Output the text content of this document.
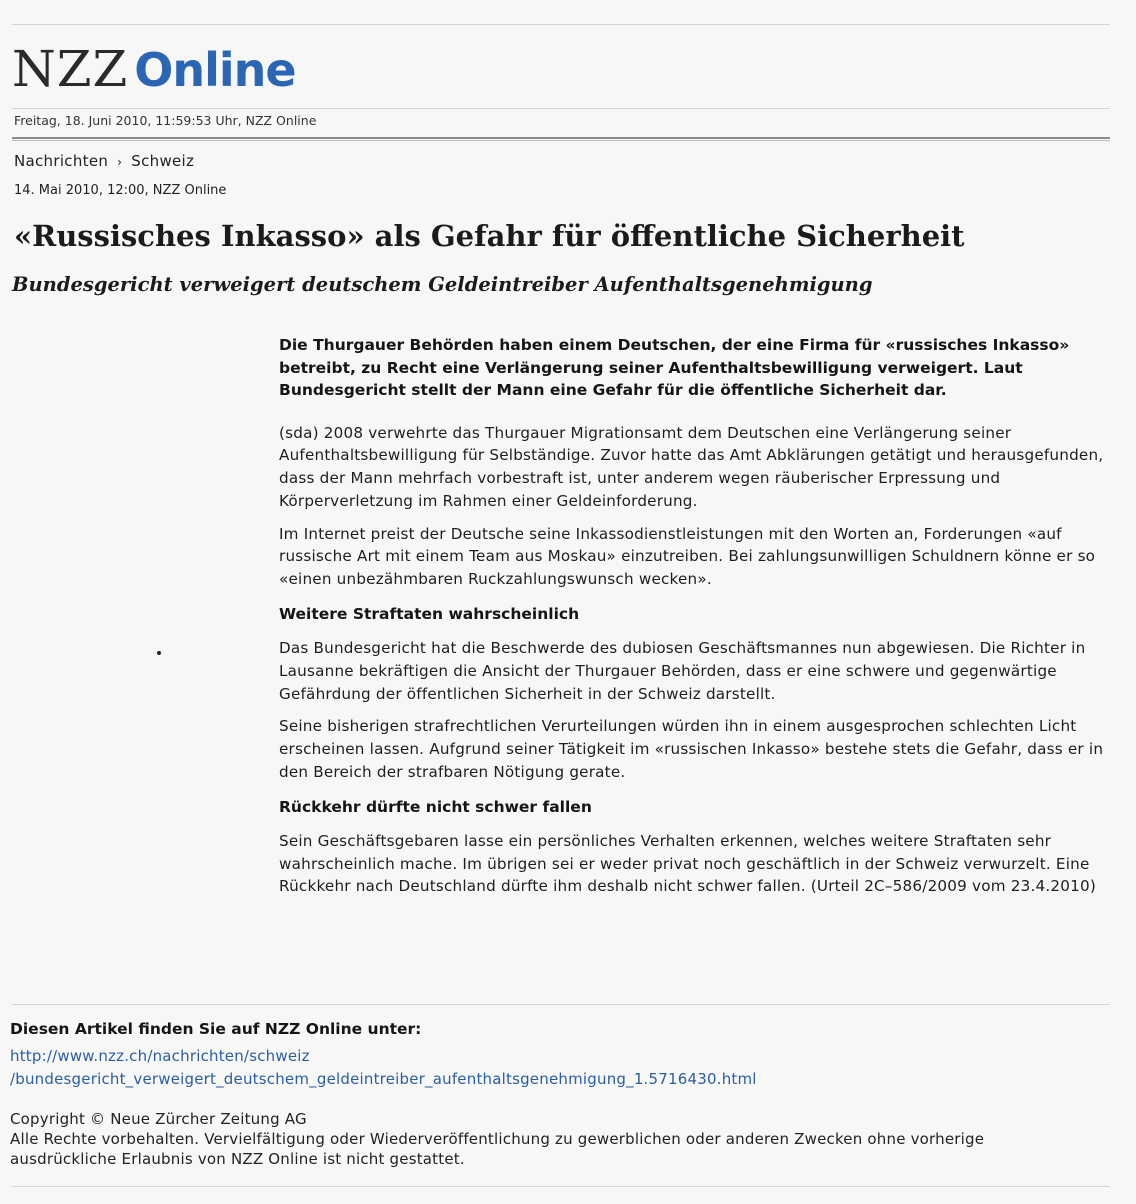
NZZ Online
Freitag, 18. Juni 2010, 11:59:53 Uhr, NZZ Online
Nachrichten › Schweiz
14. Mai 2010, 12:00, NZZ Online
«Russisches Inkasso» als Gefahr für öffentliche Sicherheit
Bundesgericht verweigert deutschem Geldeintreiber Aufenthaltsgenehmigung

Die Thurgauer Behörden haben einem Deutschen, der eine Firma für «russisches Inkasso» betreibt, zu Recht eine Verlängerung seiner Aufenthaltsbewilligung verweigert. Laut Bundesgericht stellt der Mann eine Gefahr für die öffentliche Sicherheit dar.

(sda) 2008 verwehrte das Thurgauer Migrationsamt dem Deutschen eine Verlängerung seiner Aufenthaltsbewilligung für Selbständige. Zuvor hatte das Amt Abklärungen getätigt und herausgefunden, dass der Mann mehrfach vorbestraft ist, unter anderem wegen räuberischer Erpressung und Körperverletzung im Rahmen einer Geldeinforderung.

Im Internet preist der Deutsche seine Inkassodienstleistungen mit den Worten an, Forderungen «auf russische Art mit einem Team aus Moskau» einzutreiben. Bei zahlungsunwilligen Schuldnern könne er so «einen unbezähmbaren Ruckzahlungswunsch wecken».

Weitere Straftaten wahrscheinlich

Das Bundesgericht hat die Beschwerde des dubiosen Geschäftsmannes nun abgewiesen. Die Richter in Lausanne bekräftigen die Ansicht der Thurgauer Behörden, dass er eine schwere und gegenwärtige Gefährdung der öffentlichen Sicherheit in der Schweiz darstellt.

Seine bisherigen strafrechtlichen Verurteilungen würden ihn in einem ausgesprochen schlechten Licht erscheinen lassen. Aufgrund seiner Tätigkeit im «russischen Inkasso» bestehe stets die Gefahr, dass er in den Bereich der strafbaren Nötigung gerate.

Rückkehr dürfte nicht schwer fallen

Sein Geschäftsgebaren lasse ein persönliches Verhalten erkennen, welches weitere Straftaten sehr wahrscheinlich mache. Im übrigen sei er weder privat noch geschäftlich in der Schweiz verwurzelt. Eine Rückkehr nach Deutschland dürfte ihm deshalb nicht schwer fallen. (Urteil 2C–586/2009 vom 23.4.2010)

Diesen Artikel finden Sie auf NZZ Online unter:
http://www.nzz.ch/nachrichten/schweiz
/bundesgericht_verweigert_deutschem_geldeintreiber_aufenthaltsgenehmigung_1.5716430.html
Copyright © Neue Zürcher Zeitung AG
Alle Rechte vorbehalten. Vervielfältigung oder Wiederveröffentlichung zu gewerblichen oder anderen Zwecken ohne vorherige
ausdrückliche Erlaubnis von NZZ Online ist nicht gestattet.
